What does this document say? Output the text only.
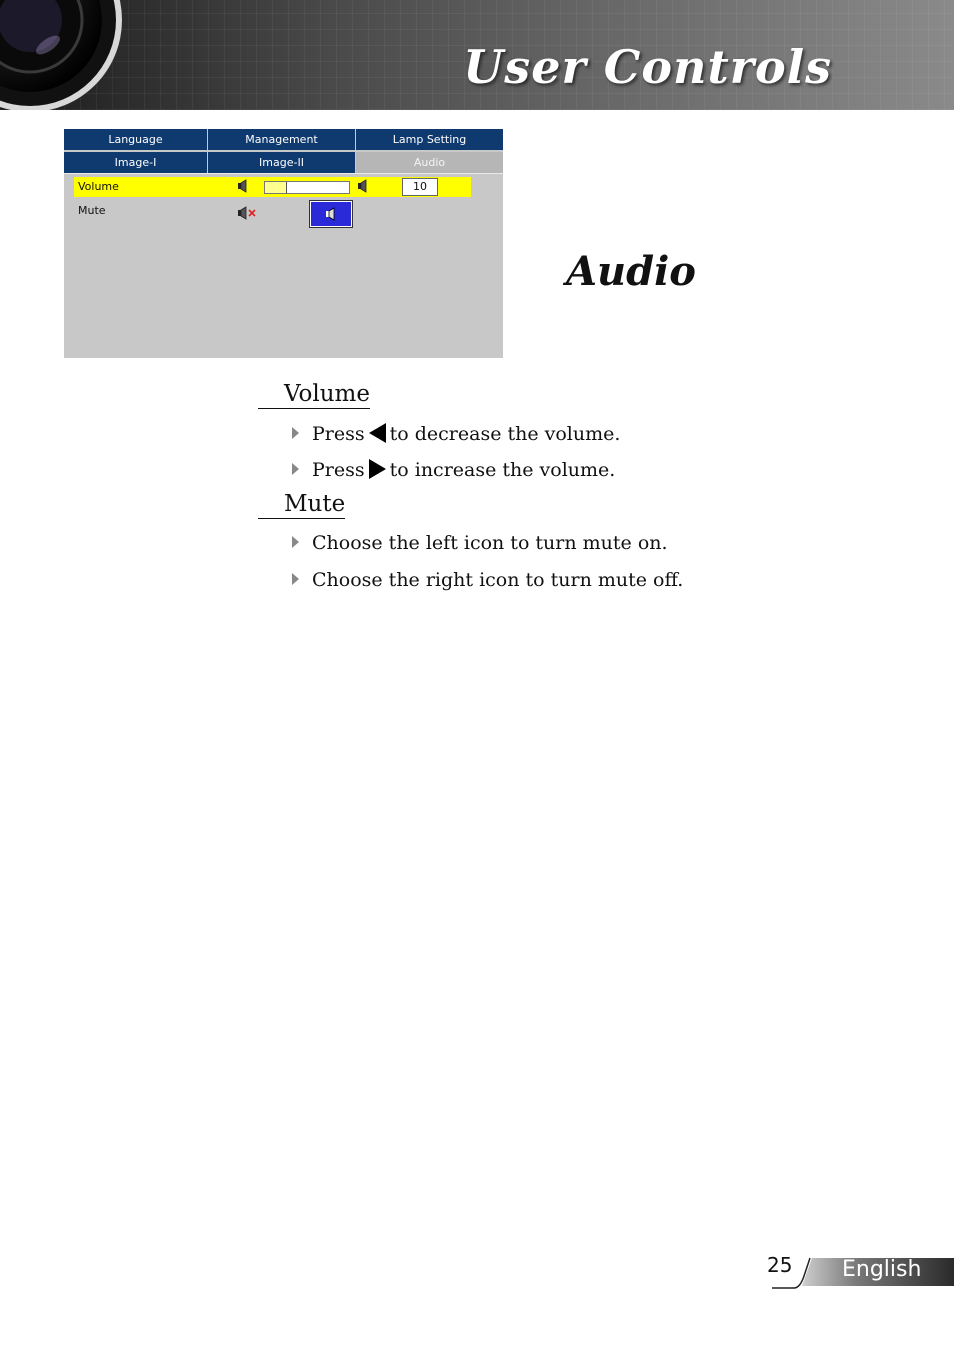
User Controls
Language	Management	Lamp Setting
Image-I	Image-II	Audio
Volume	10
Mute
Audio
Volume
Press to decrease the volume.
Press to increase the volume.
Mute
Choose the left icon to turn mute on.
Choose the right icon to turn mute off.
25 English
